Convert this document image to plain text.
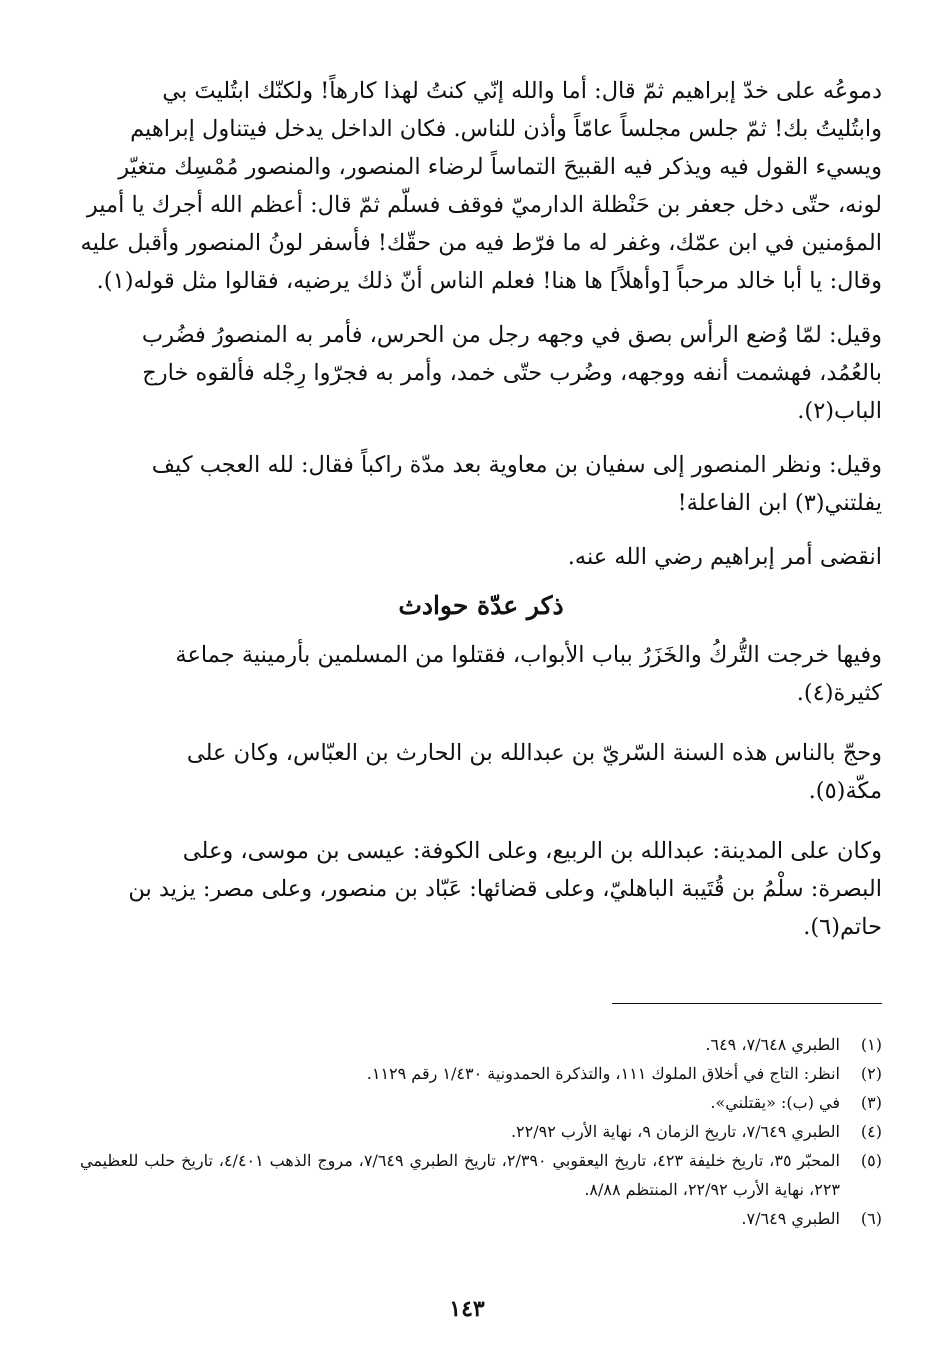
دموعُه على خدّ إبراهيم ثمّ قال: أما والله إنّي كنتُ لهذا كارهاً! ولكنّك ابتُليتَ بي

وابتُليتُ بك! ثمّ جلس مجلساً عامّاً وأذن للناس. فكان الداخل يدخل فيتناول إبراهيم

ويسيء القول فيه ويذكر فيه القبيحَ التماساً لرضاء المنصور، والمنصور مُمْسِك متغيّر

لونه، حتّى دخل جعفر بن حَنْظلة الدارميّ فوقف فسلّم ثمّ قال: أعظم الله أجرك يا أمير

المؤمنين في ابن عمّك، وغفر له ما فرّط فيه من حقّك! فأسفر لونُ المنصور وأقبل عليه

وقال: يا أبا خالد مرحباً [وأهلاً] ها هنا! فعلم الناس أنّ ذلك يرضيه، فقالوا مثل قوله(١).

وقيل: لمّا وُضع الرأس بصق في وجهه رجل من الحرس، فأمر به المنصورُ فضُرب

بالعُمُد، فهشمت أنفه ووجهه، وضُرب حتّى خمد، وأمر به فجرّوا رِجْله فألقوه خارج

الباب(٢).

وقيل: ونظر المنصور إلى سفيان بن معاوية بعد مدّة راكباً فقال: لله العجب كيف

يفلتني(٣) ابن الفاعلة!

انقضى أمر إبراهيم رضي الله عنه.

ذكر عدّة حوادث

وفيها خرجت التُّركُ والخَزَرُ بباب الأبواب، فقتلوا من المسلمين بأرمينية جماعة

كثيرة(٤).

وحجّ بالناس هذه السنة السّريّ بن عبدالله بن الحارث بن العبّاس، وكان على

مكّة(٥).

وكان على المدينة: عبدالله بن الربيع، وعلى الكوفة: عيسى بن موسى، وعلى

البصرة: سلْمُ بن قُتَيبة الباهليّ، وعلى قضائها: عَبّاد بن منصور، وعلى مصر: يزيد بن

حاتم(٦).

(١)
الطبري ٧/٦٤٨، ٦٤٩.
(٢)
انظر: التاج في أخلاق الملوك ١١١، والتذكرة الحمدونية ١/٤٣٠ رقم ١١٢٩.
(٣)
في (ب): «يقتلني».
(٤)
الطبري ٧/٦٤٩، تاريخ الزمان ٩، نهاية الأرب ٢٢/٩٢.
(٥)
المحبّر ٣٥، تاريخ خليفة ٤٢٣، تاريخ اليعقوبي ٢/٣٩٠، تاريخ الطبري ٧/٦٤٩، مروج الذهب ٤/٤٠١، تاريخ حلب للعظيمي ٢٢٣، نهاية الأرب ٢٢/٩٢، المنتظم ٨/٨٨.
(٦)
الطبري ٧/٦٤٩.
١٤٣
